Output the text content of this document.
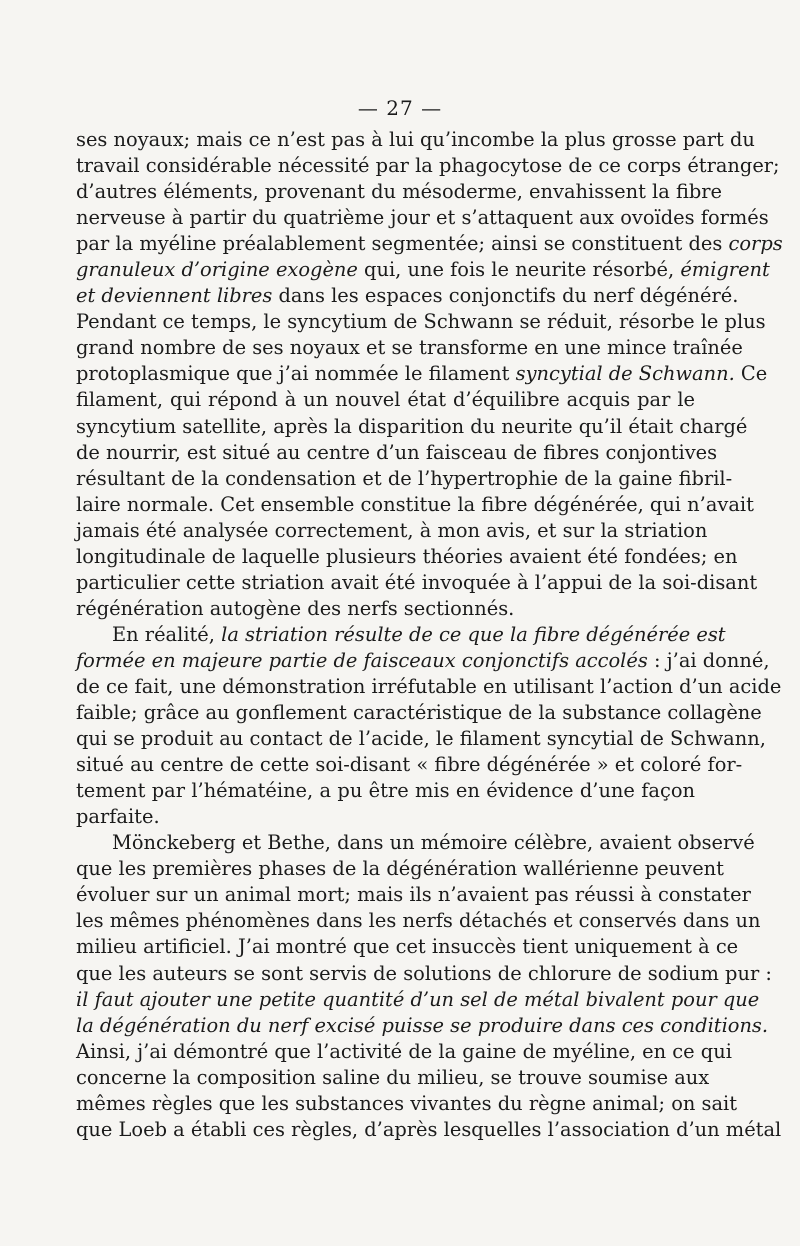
— 27 —
ses noyaux; mais ce n’est pas à lui qu’incombe la plus grosse part du
travail considérable nécessité par la phagocytose de ce corps étranger;
d’autres éléments, provenant du mésoderme, envahissent la fibre
nerveuse à partir du quatrième jour et s’attaquent aux ovoïdes formés
par la myéline préalablement segmentée; ainsi se constituent des corps
granuleux d’origine exogène qui, une fois le neurite résorbé, émigrent
et deviennent libres dans les espaces conjonctifs du nerf dégénéré.
Pendant ce temps, le syncytium de Schwann se réduit, résorbe le plus
grand nombre de ses noyaux et se transforme en une mince traînée
protoplasmique que j’ai nommée le filament syncytial de Schwann. Ce
filament, qui répond à un nouvel état d’équilibre acquis par le
syncytium satellite, après la disparition du neurite qu’il était chargé
de nourrir, est situé au centre d’un faisceau de fibres conjontives
résultant de la condensation et de l’hypertrophie de la gaine fibril-
laire normale. Cet ensemble constitue la fibre dégénérée, qui n’avait
jamais été analysée correctement, à mon avis, et sur la striation
longitudinale de laquelle plusieurs théories avaient été fondées; en
particulier cette striation avait été invoquée à l’appui de la soi-disant
régénération autogène des nerfs sectionnés.
En réalité, la striation résulte de ce que la fibre dégénérée est
formée en majeure partie de faisceaux conjonctifs accolés : j’ai donné,
de ce fait, une démonstration irréfutable en utilisant l’action d’un acide
faible; grâce au gonflement caractéristique de la substance collagène
qui se produit au contact de l’acide, le filament syncytial de Schwann,
situé au centre de cette soi-disant « fibre dégénérée » et coloré for-
tement par l’hématéine, a pu être mis en évidence d’une façon
parfaite.
Mönckeberg et Bethe, dans un mémoire célèbre, avaient observé
que les premières phases de la dégénération wallérienne peuvent
évoluer sur un animal mort; mais ils n’avaient pas réussi à constater
les mêmes phénomènes dans les nerfs détachés et conservés dans un
milieu artificiel. J’ai montré que cet insuccès tient uniquement à ce
que les auteurs se sont servis de solutions de chlorure de sodium pur :
il faut ajouter une petite quantité d’un sel de métal bivalent pour que
la dégénération du nerf excisé puisse se produire dans ces conditions.
Ainsi, j’ai démontré que l’activité de la gaine de myéline, en ce qui
concerne la composition saline du milieu, se trouve soumise aux
mêmes règles que les substances vivantes du règne animal; on sait
que Loeb a établi ces règles, d’après lesquelles l’association d’un métal
